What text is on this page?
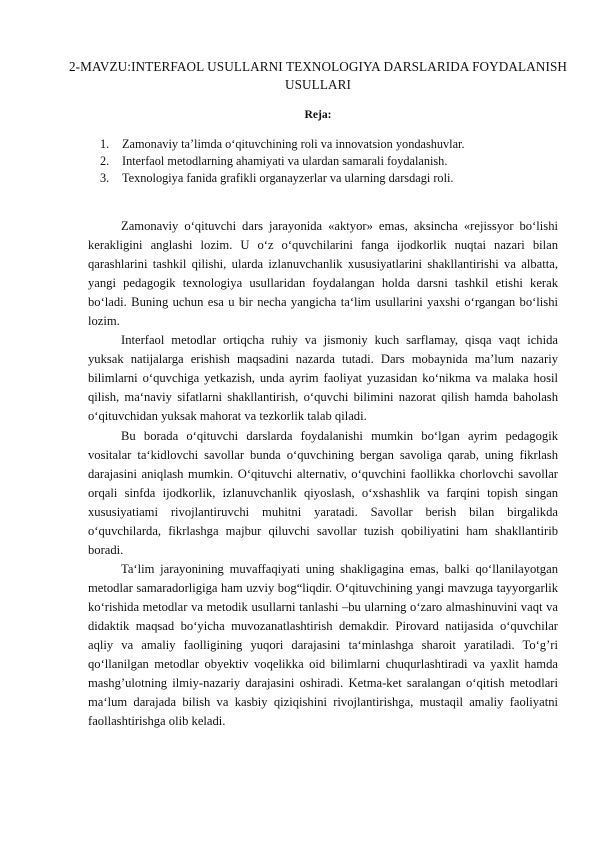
2-MAVZU:INTERFAOL USULLARNI TEXNOLOGIYA DARSLARIDA FOYDALANISH USULLARI
Reja:
1. Zamonaviy ta’limda o‘qituvchining roli va innovatsion yondashuvlar.
2. Interfaol metodlarning ahamiyati va ulardan samarali foydalanish.
3. Texnologiya fanida grafikli organayzerlar va ularning darsdagi roli.

Zamonaviy o‘qituvchi dars jarayonida «aktyor» emas, aksincha «rejissyor bo‘lishi kerakligini anglashi lozim. U o‘z o‘quvchilarini fanga ijodkorlik nuqtai nazari bilan qarashlarini tashkil qilishi, ularda izlanuvchanlik xususiyatlarini shakllantirishi va albatta, yangi pedagogik texnologiya usullaridan foydalangan holda darsni tashkil etishi kerak bo‘ladi. Buning uchun esa u bir necha yangicha ta‘lim usullarini yaxshi o‘rgangan bo‘lishi lozim.

Interfaol metodlar ortiqcha ruhiy va jismoniy kuch sarflamay, qisqa vaqt ichida yuksak natijalarga erishish maqsadini nazarda tutadi. Dars mobaynida ma’lum nazariy bilimlarni o‘quvchiga yetkazish, unda ayrim faoliyat yuzasidan ko‘nikma va malaka hosil qilish, ma‘naviy sifatlarni shakllantirish, o‘quvchi bilimini nazorat qilish hamda baholash o‘qituvchidan yuksak mahorat va tezkorlik talab qiladi.

Bu borada o‘qituvchi darslarda foydalanishi mumkin bo‘lgan ayrim pedagogik vositalar ta‘kidlovchi savollar bunda o‘quvchining bergan savoliga qarab, uning fikrlash darajasini aniqlash mumkin. O‘qituvchi alternativ, o‘quvchini faollikka chorlovchi savollar orqali sinfda ijodkorlik, izlanuvchanlik qiyoslash, o‘xshashlik va farqini topish singan xususiyatiami rivojlantiruvchi muhitni yaratadi. Savollar berish bilan birgalikda o‘quvchilarda, fikrlashga majbur qiluvchi savollar tuzish qobiliyatini ham shakllantirib boradi.

Ta‘lim jarayonining muvaffaqiyati uning shakligagina emas, balki qo‘llanilayotgan metodlar samaradorligiga ham uzviy bog“liqdir. O‘qituvchining yangi mavzuga tayyorgarlik ko‘rishida metodlar va metodik usullarni tanlashi –bu ularning o‘zaro almashinuvini vaqt va didaktik maqsad bo‘yicha muvozanatlashtirish demakdir. Pirovard natijasida o‘quvchilar aqliy va amaliy faolligining yuqori darajasini ta‘minlashga sharoit yaratiladi. To‘g’ri qo‘llanilgan metodlar obyektiv voqelikka oid bilimlarni chuqurlashtiradi va yaxlit hamda mashg’ulotning ilmiy-nazariy darajasini oshiradi. Ketma-ket saralangan o‘qitish metodlari ma‘lum darajada bilish va kasbiy qiziqishini rivojlantirishga, mustaqil amaliy faoliyatni faollashtirishga olib keladi.
